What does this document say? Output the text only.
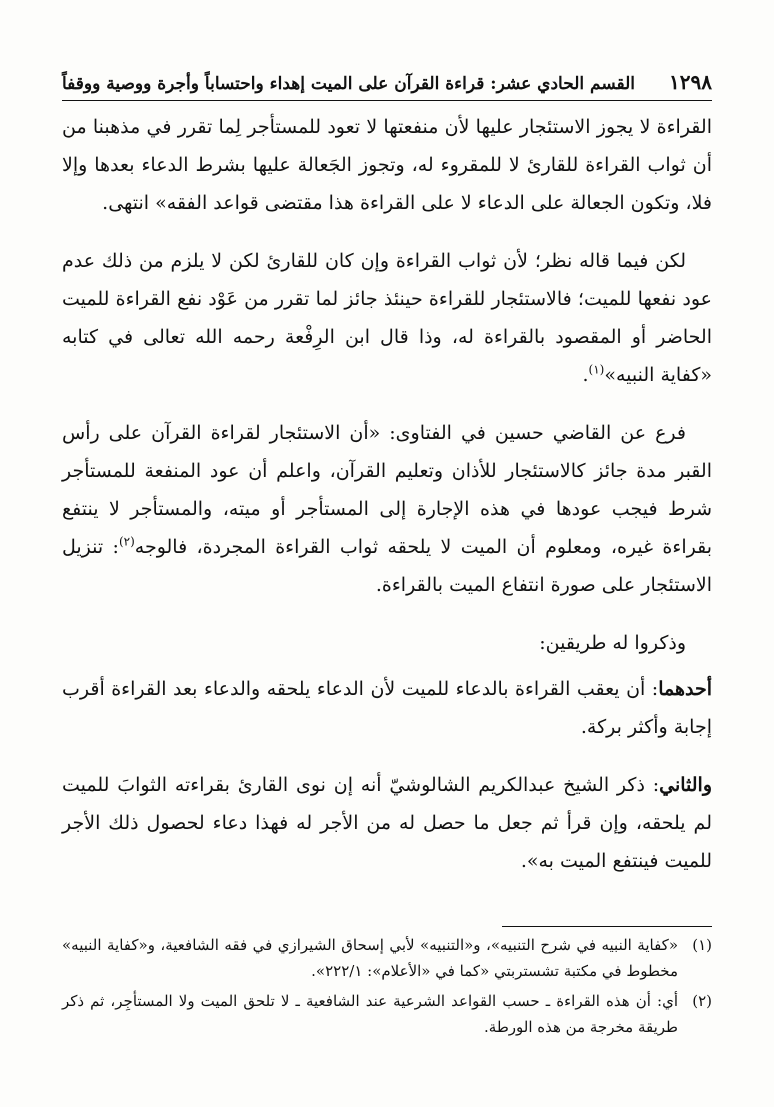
١٢٩٨
القسم الحادي عشر: قراءة القرآن على الميت إهداء واحتساباً وأجرة ووصية ووقفاً

القراءة لا يجوز الاستئجار عليها لأن منفعتها لا تعود للمستأجر لِما تقرر في مذهبنا من أن ثواب القراءة للقارئ لا للمقروء له، وتجوز الجَعالة عليها بشرط الدعاء بعدها وإلا فلا، وتكون الجعالة على الدعاء لا على القراءة هذا مقتضى قواعد الفقه» انتهى.

لكن فيما قاله نظر؛ لأن ثواب القراءة وإن كان للقارئ لكن لا يلزم من ذلك عدم عود نفعها للميت؛ فالاستئجار للقراءة حينئذ جائز لما تقرر من عَوْد نفع القراءة للميت الحاضر أو المقصود بالقراءة له، وذا قال ابن الرِفْعة رحمه الله تعالى في كتابه «كفاية النبيه»$^{(١)}$.

فرع عن القاضي حسين في الفتاوى: «أن الاستئجار لقراءة القرآن على رأس القبر مدة جائز كالاستئجار للأذان وتعليم القرآن، واعلم أن عود المنفعة للمستأجر شرط فيجب عودها في هذه الإجارة إلى المستأجر أو ميته، والمستأجر لا ينتفع بقراءة غيره، ومعلوم أن الميت لا يلحقه ثواب القراءة المجردة، فالوجه$^{(٢)}$: تنزيل الاستئجار على صورة انتفاع الميت بالقراءة.

وذكروا له طريقين:

أحدهما: أن يعقب القراءة بالدعاء للميت لأن الدعاء يلحقه والدعاء بعد القراءة أقرب إجابة وأكثر بركة.

والثاني: ذكر الشيخ عبدالكريم الشالوشيّ أنه إن نوى القارئ بقراءته الثوابَ للميت لم يلحقه، وإن قرأ ثم جعل ما حصل له من الأجر له فهذا دعاء لحصول ذلك الأجر للميت فينتفع الميت به».

(١)
«كفاية النبيه في شرح التنبيه»، و«التنبيه» لأبي إسحاق الشيرازي في فقه الشافعية، و«كفاية النبيه» مخطوط في مكتبة تشستربتي «كما في «الأعلام»: ٢٢٢/١».
(٢)
أي: أن هذه القراءة ـ حسب القواعد الشرعية عند الشافعية ـ لا تلحق الميت ولا المستأجِر، ثم ذكر طريقة مخرجة من هذه الورطة.
